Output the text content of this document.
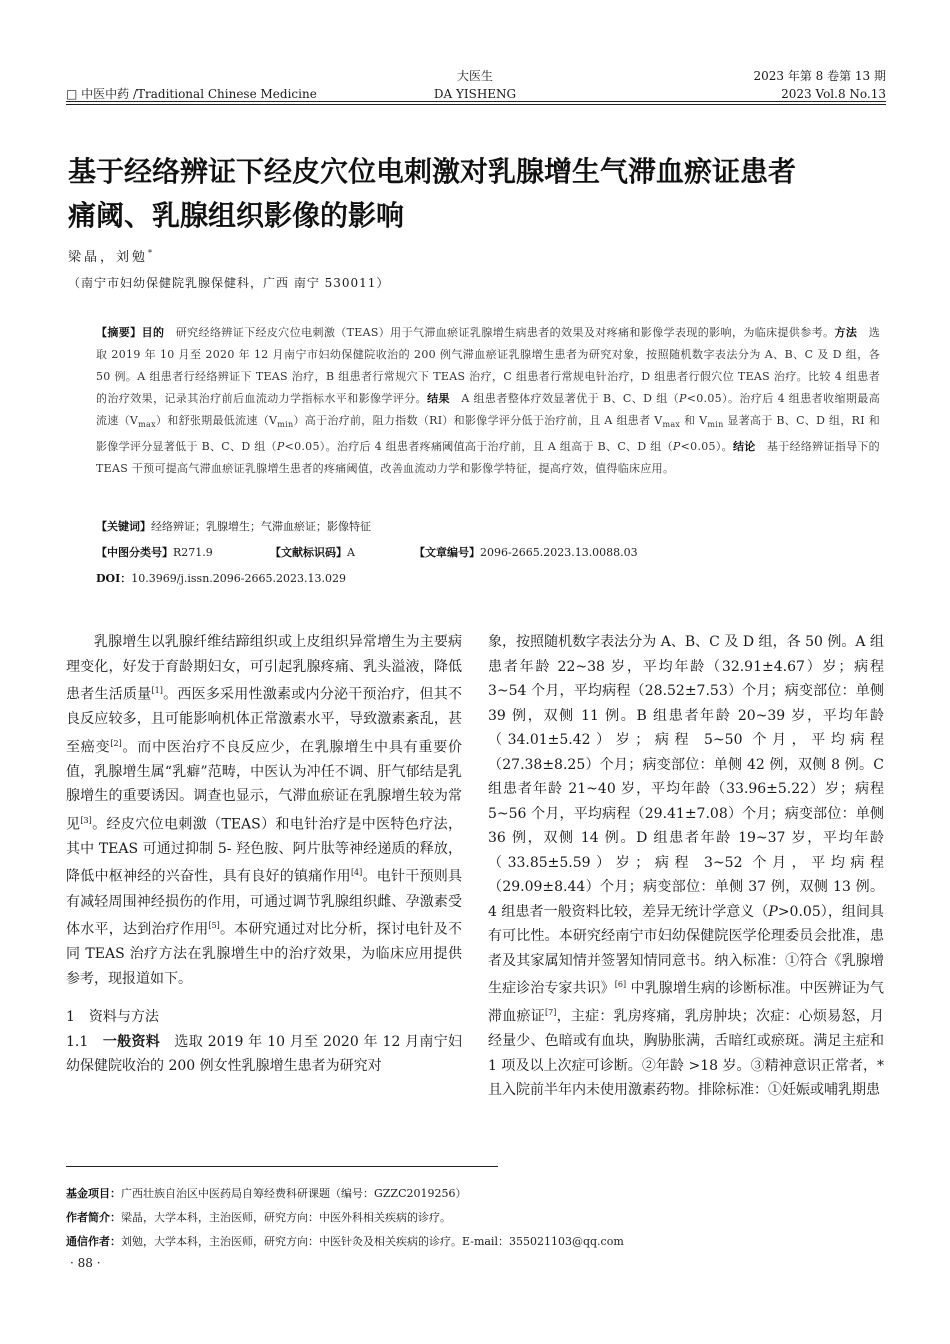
□ 中医中药 /Traditional Chinese Medicine
大医生
DA YISHENG
2023 年第 8 卷第 13 期
2023 Vol.8 No.13
基于经络辨证下经皮穴位电刺激对乳腺增生气滞血瘀证患者
痛阈、乳腺组织影像的影响
梁晶，刘勉*
（南宁市妇幼保健院乳腺保健科，广西 南宁 530011）
【摘要】目的　 研究经络辨证下经皮穴位电刺激（TEAS）用于气滞血瘀证乳腺增生病患者的效果及对疼痛和影像学表现的影响，为临床提供参考。方法　 选取 2019 年 10 月至 2020 年 12 月南宁市妇幼保健院收治的 200 例气滞血瘀证乳腺增生患者为研究对象，按照随机数字表法分为 A、B、C 及 D 组，各 50 例。A 组患者行经络辨证下 TEAS 治疗，B 组患者行常规穴下 TEAS 治疗，C 组患者行常规电针治疗，D 组患者行假穴位 TEAS 治疗。比较 4 组患者的治疗效果，记录其治疗前后血流动力学指标水平和影像学评分。结果　 A 组患者整体疗效显著优于 B、C、D 组（P<0.05）。治疗后 4 组患者收缩期最高流速$(V_{max})$和舒张期最低流速$(V_{min})$高于治疗前，阻力指数（RI）和影像学评分低于治疗前，且 A 组患者 $V_{max}$ 和 $V_{min}$ 显著高于 B、C、D 组，RI 和影像学评分显著低于 B、C、D 组（P<0.05）。治疗后 4 组患者疼痛阈值高于治疗前，且 A 组高于 B、C、D 组（P<0.05）。结论　 基于经络辨证指导下的 TEAS 干预可提高气滞血瘀证乳腺增生患者的疼痛阈值，改善血流动力学和影像学特征，提高疗效，值得临床应用。
【关键词】经络辨证；乳腺增生；气滞血瘀证；影像特征
【中图分类号】R271.9	【文献标识码】A	【文章编号】2096-2665.2023.13.0088.03
DOI：10.3969/j.issn.2096-2665.2023.13.029

乳腺增生以乳腺纤维结蹄组织或上皮组织异常增生为主要病理变化，好发于育龄期妇女，可引起乳腺疼痛、乳头溢液，降低患者生活质量[1]。西医多采用性激素或内分泌干预治疗，但其不良反应较多，且可能影响机体正常激素水平，导致激素紊乱，甚至癌变[2]。而中医治疗不良反应少，在乳腺增生中具有重要价值，乳腺增生属“乳癖”范畴，中医认为冲任不调、肝气郁结是乳腺增生的重要诱因。调查也显示，气滞血瘀证在乳腺增生较为常见[3]。经皮穴位电刺激（TEAS）和电针治疗是中医特色疗法，其中 TEAS 可通过抑制 5- 羟色胺、阿片肽等神经递质的释放，降低中枢神经的兴奋性，具有良好的镇痛作用[4]。电针干预则具有减轻周围神经损伤的作用，可通过调节乳腺组织雌、孕激素受体水平，达到治疗作用[5]。本研究通过对比分析，探讨电针及不同 TEAS 治疗方法在乳腺增生中的治疗效果，为临床应用提供参考，现报道如下。

1　资料与方法

1.1　一般资料　 选取 2019 年 10 月至 2020 年 12 月南宁妇幼保健院收治的 200 例女性乳腺增生患者为研究对

象，按照随机数字表法分为 A、B、C 及 D 组，各 50 例。A 组患者年龄 22~38 岁，平均年龄（32.91±4.67）岁；病程 3~54 个月，平均病程（28.52±7.53）个月；病变部位：单侧 39 例，双侧 11 例。B 组患者年龄 20~39 岁，平均年龄（34.01±5.42）岁；病程 5~50 个月，平均病程（27.38±8.25）个月；病变部位：单侧 42 例，双侧 8 例。C 组患者年龄 21~40 岁，平均年龄（33.96±5.22）岁；病程 5~56 个月，平均病程（29.41±7.08）个月；病变部位：单侧 36 例，双侧 14 例。D 组患者年龄 19~37 岁，平均年龄（33.85±5.59）岁；病程 3~52 个月，平均病程（29.09±8.44）个月；病变部位：单侧 37 例，双侧 13 例。4 组患者一般资料比较，差异无统计学意义（P>0.05），组间具有可比性。本研究经南宁市妇幼保健院医学伦理委员会批准，患者及其家属知情并签署知情同意书。纳入标准：①符合《乳腺增生症诊治专家共识》[6] 中乳腺增生病的诊断标准。中医辨证为气滞血瘀证[7]，主症：乳房疼痛，乳房肿块；次症：心烦易怒，月经量少、色暗或有血块，胸胁胀满，舌暗红或瘀斑。满足主症和 1 项及以上次症可诊断。②年龄 >18 岁。③精神意识正常者，* 且入院前半年内未使用激素药物。排除标准：①妊娠或哺乳期患

基金项目：广西壮族自治区中医药局自筹经费科研课题（编号：GZZC2019256）
作者简介：梁晶，大学本科，主治医师，研究方向：中医外科相关疾病的诊疗。
通信作者：刘勉，大学本科，主治医师，研究方向：中医针灸及相关疾病的诊疗。E-mail：355021103@qq.com
· 88 ·
